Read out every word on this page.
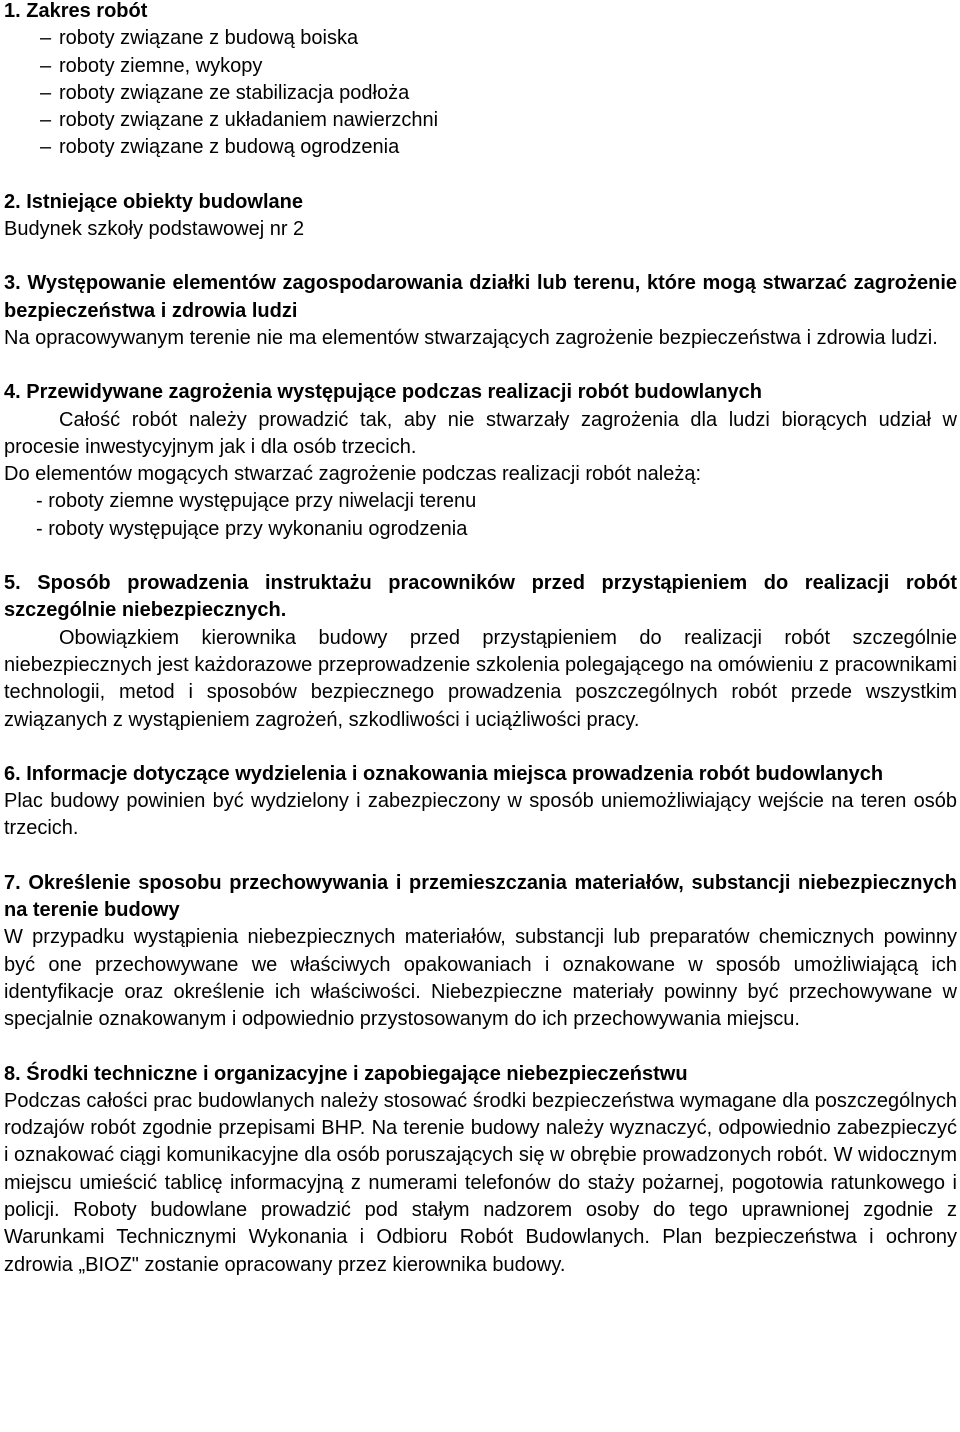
1. Zakres robót

– roboty związane z budową boiska
– roboty ziemne, wykopy
– roboty związane ze stabilizacja podłoża
– roboty związane z układaniem nawierzchni
– roboty związane z budową ogrodzenia

2. Istniejące obiekty budowlane

Budynek szkoły podstawowej nr 2

3. Występowanie elementów zagospodarowania działki lub terenu, które mogą stwarzać zagrożenie bezpieczeństwa i zdrowia ludzi

Na opracowywanym terenie nie ma elementów stwarzających zagrożenie bezpieczeństwa i zdrowia ludzi.

4. Przewidywane zagrożenia występujące podczas realizacji robót budowlanych

Całość robót należy prowadzić tak, aby nie stwarzały zagrożenia dla ludzi biorących udział w procesie inwestycyjnym jak i dla osób trzecich.

Do elementów mogących stwarzać zagrożenie podczas realizacji robót należą:

- roboty ziemne występujące przy niwelacji terenu
- roboty występujące przy wykonaniu ogrodzenia

5. Sposób prowadzenia instruktażu pracowników przed przystąpieniem do realizacji robót szczególnie niebezpiecznych.

Obowiązkiem kierownika budowy przed przystąpieniem do realizacji robót szczególnie niebezpiecznych jest każdorazowe przeprowadzenie szkolenia polegającego na omówieniu z pracownikami technologii, metod i sposobów bezpiecznego prowadzenia poszczególnych robót przede wszystkim związanych z wystąpieniem zagrożeń, szkodliwości i uciążliwości pracy.

6. Informacje dotyczące wydzielenia i oznakowania miejsca prowadzenia robót budowlanych

Plac budowy powinien być wydzielony i zabezpieczony w sposób uniemożliwiający wejście na teren osób trzecich.

7. Określenie sposobu przechowywania i przemieszczania materiałów, substancji niebezpiecznych na terenie budowy

W przypadku wystąpienia niebezpiecznych materiałów, substancji lub preparatów chemicznych powinny być one przechowywane we właściwych opakowaniach i oznakowane w sposób umożliwiającą ich identyfikacje oraz określenie ich właściwości. Niebezpieczne materiały powinny być przechowywane w specjalnie oznakowanym i odpowiednio przystosowanym do ich przechowywania miejscu.

8. Środki techniczne i organizacyjne i zapobiegające niebezpieczeństwu

Podczas całości prac budowlanych należy stosować środki bezpieczeństwa wymagane dla poszczególnych rodzajów robót zgodnie przepisami BHP. Na terenie budowy należy wyznaczyć, odpowiednio zabezpieczyć i oznakować ciągi komunikacyjne dla osób poruszających się w obrębie prowadzonych robót. W widocznym miejscu umieścić tablicę informacyjną z numerami telefonów do staży pożarnej, pogotowia ratunkowego i policji. Roboty budowlane prowadzić pod stałym nadzorem osoby do tego uprawnionej zgodnie z Warunkami Technicznymi Wykonania i Odbioru Robót Budowlanych. Plan bezpieczeństwa i ochrony zdrowia „BIOZ" zostanie opracowany przez kierownika budowy.
